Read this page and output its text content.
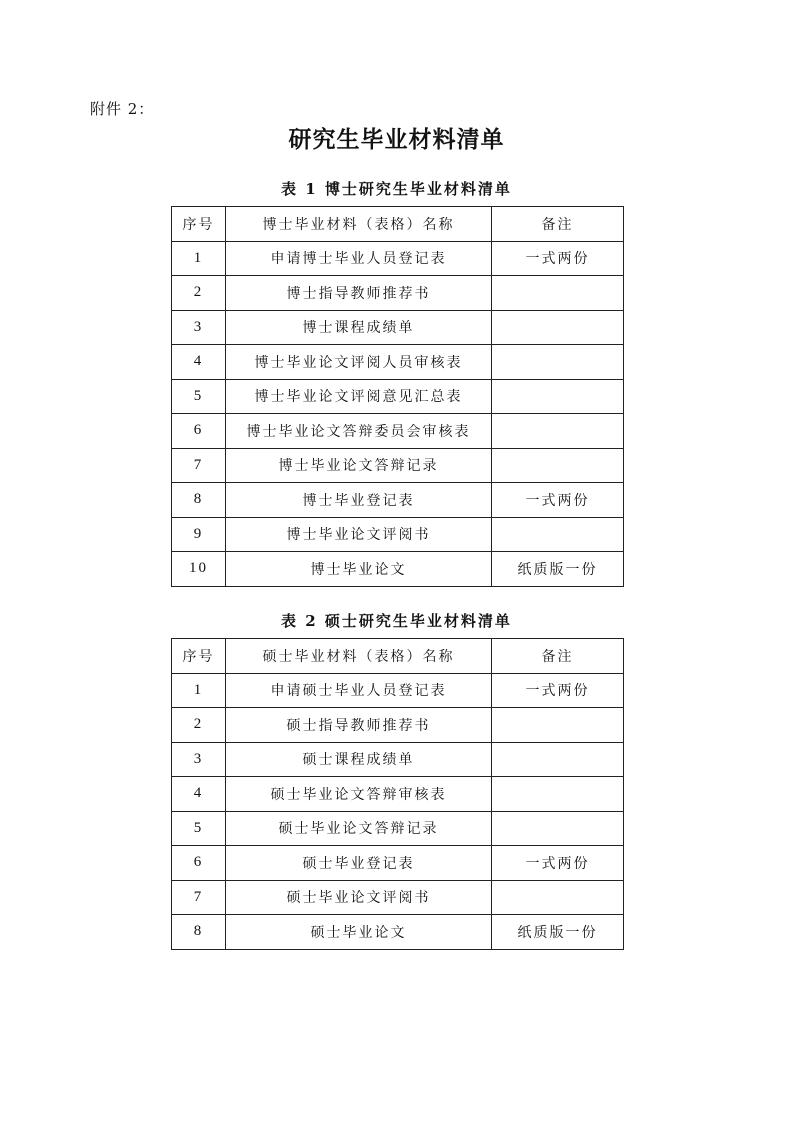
附件 2：
研究生毕业材料清单
表 1 博士研究生毕业材料清单
序号	博士毕业材料（表格）名称	备注
1	申请博士毕业人员登记表	一式两份
2	博士指导教师推荐书	
3	博士课程成绩单	
4	博士毕业论文评阅人员审核表	
5	博士毕业论文评阅意见汇总表	
6	博士毕业论文答辩委员会审核表	
7	博士毕业论文答辩记录	
8	博士毕业登记表	一式两份
9	博士毕业论文评阅书	
10	博士毕业论文	纸质版一份
表 2 硕士研究生毕业材料清单
序号	硕士毕业材料（表格）名称	备注
1	申请硕士毕业人员登记表	一式两份
2	硕士指导教师推荐书	
3	硕士课程成绩单	
4	硕士毕业论文答辩审核表	
5	硕士毕业论文答辩记录	
6	硕士毕业登记表	一式两份
7	硕士毕业论文评阅书	
8	硕士毕业论文	纸质版一份
